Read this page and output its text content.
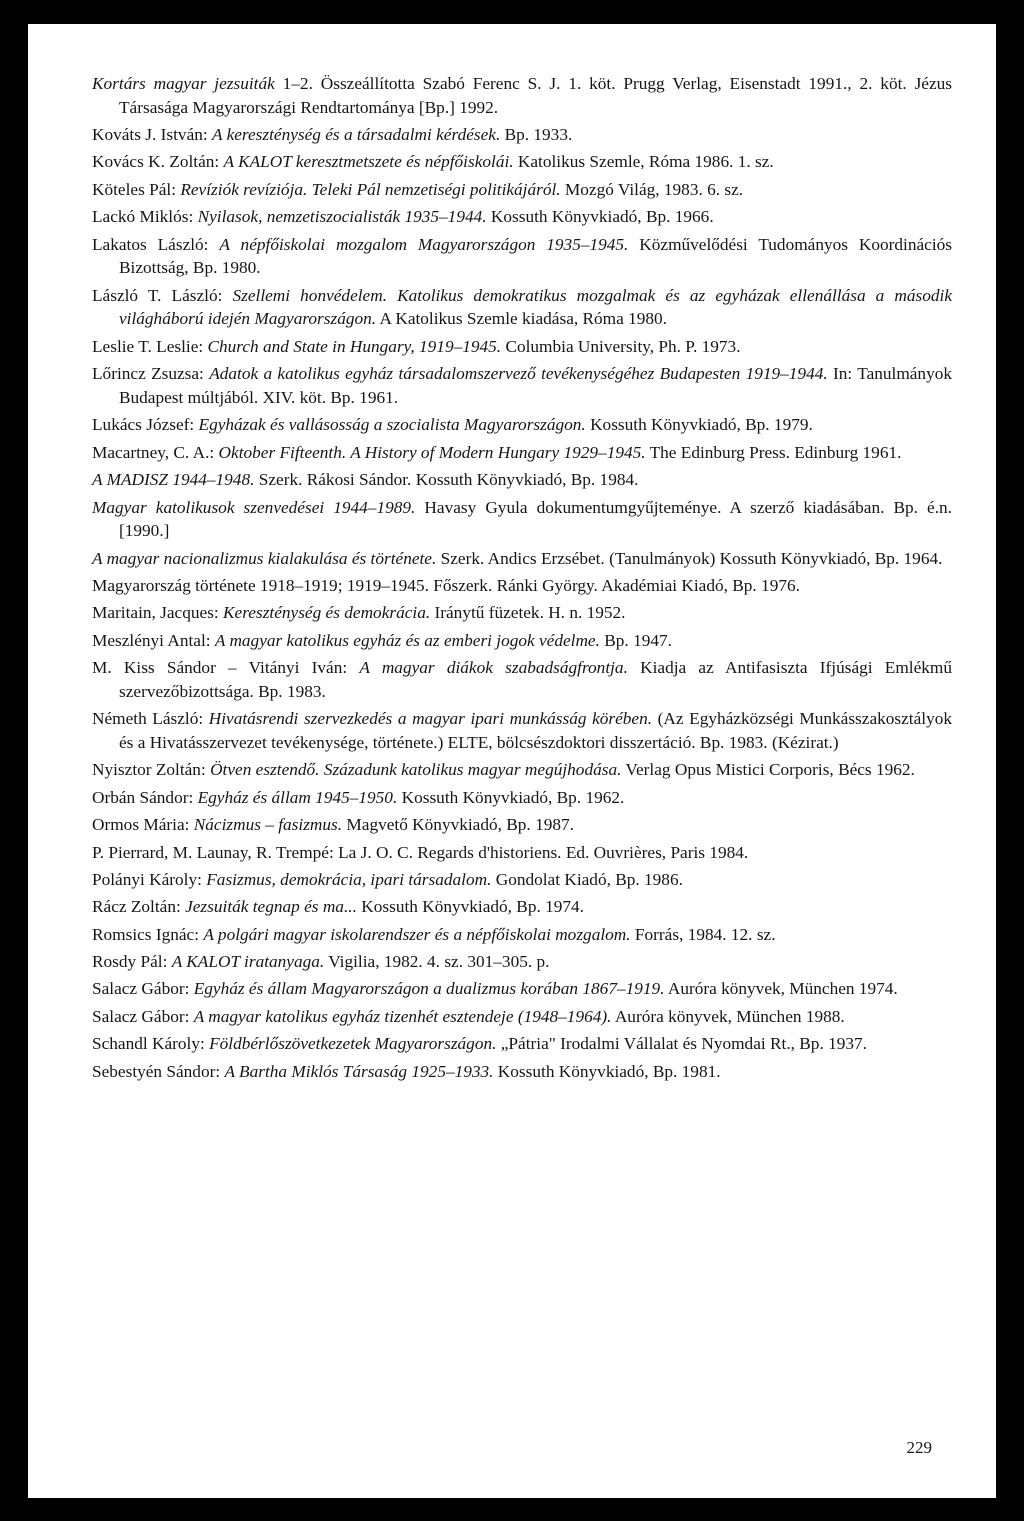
Kortárs magyar jezsuiták 1–2. Összeállította Szabó Ferenc S. J. 1. köt. Prugg Verlag, Eisenstadt 1991., 2. köt. Jézus Társasága Magyarországi Rendtartománya [Bp.] 1992.

Kováts J. István: A kereszténység és a társadalmi kérdések. Bp. 1933.

Kovács K. Zoltán: A KALOT keresztmetszete és népfőiskolái. Katolikus Szemle, Róma 1986. 1. sz.

Köteles Pál: Revíziók revíziója. Teleki Pál nemzetiségi politikájáról. Mozgó Világ, 1983. 6. sz.

Lackó Miklós: Nyilasok, nemzetiszocialisták 1935–1944. Kossuth Könyvkiadó, Bp. 1966.

Lakatos László: A népfőiskolai mozgalom Magyarországon 1935–1945. Közművelődési Tudományos Koordinációs Bizottság, Bp. 1980.

László T. László: Szellemi honvédelem. Katolikus demokratikus mozgalmak és az egyházak ellenállása a második világháború idején Magyarországon. A Katolikus Szemle kiadása, Róma 1980.

Leslie T. Leslie: Church and State in Hungary, 1919–1945. Columbia University, Ph. P. 1973.

Lőrincz Zsuzsa: Adatok a katolikus egyház társadalomszervező tevékenységéhez Budapesten 1919–1944. In: Tanulmányok Budapest múltjából. XIV. köt. Bp. 1961.

Lukács József: Egyházak és vallásosság a szocialista Magyarországon. Kossuth Könyvkiadó, Bp. 1979.

Macartney, C. A.: Oktober Fifteenth. A History of Modern Hungary 1929–1945. The Edinburg Press. Edinburg 1961.

A MADISZ 1944–1948. Szerk. Rákosi Sándor. Kossuth Könyvkiadó, Bp. 1984.

Magyar katolikusok szenvedései 1944–1989. Havasy Gyula dokumentumgyűjteménye. A szerző kiadásában. Bp. é.n. [1990.]

A magyar nacionalizmus kialakulása és története. Szerk. Andics Erzsébet. (Tanulmányok) Kossuth Könyvkiadó, Bp. 1964.

Magyarország története 1918–1919; 1919–1945. Főszerk. Ránki György. Akadémiai Kiadó, Bp. 1976.

Maritain, Jacques: Kereszténység és demokrácia. Iránytű füzetek. H. n. 1952.

Meszlényi Antal: A magyar katolikus egyház és az emberi jogok védelme. Bp. 1947.

M. Kiss Sándor – Vitányi Iván: A magyar diákok szabadságfrontja. Kiadja az Antifasiszta Ifjúsági Emlékmű szervezőbizottsága. Bp. 1983.

Németh László: Hivatásrendi szervezkedés a magyar ipari munkásság körében. (Az Egyházközségi Munkásszakosztályok és a Hivatásszervezet tevékenysége, története.) ELTE, bölcsészdoktori disszertáció. Bp. 1983. (Kézirat.)

Nyisztor Zoltán: Ötven esztendő. Századunk katolikus magyar megújhodása. Verlag Opus Mistici Corporis, Bécs 1962.

Orbán Sándor: Egyház és állam 1945–1950. Kossuth Könyvkiadó, Bp. 1962.

Ormos Mária: Nácizmus – fasizmus. Magvető Könyvkiadó, Bp. 1987.

P. Pierrard, M. Launay, R. Trempé: La J. O. C. Regards d'historiens. Ed. Ouvrières, Paris 1984.

Polányi Károly: Fasizmus, demokrácia, ipari társadalom. Gondolat Kiadó, Bp. 1986.

Rácz Zoltán: Jezsuiták tegnap és ma... Kossuth Könyvkiadó, Bp. 1974.

Romsics Ignác: A polgári magyar iskolarendszer és a népfőiskolai mozgalom. Forrás, 1984. 12. sz.

Rosdy Pál: A KALOT iratanyaga. Vigilia, 1982. 4. sz. 301–305. p.

Salacz Gábor: Egyház és állam Magyarországon a dualizmus korában 1867–1919. Auróra könyvek, München 1974.

Salacz Gábor: A magyar katolikus egyház tizenhét esztendeje (1948–1964). Auróra könyvek, München 1988.

Schandl Károly: Földbérlőszövetkezetek Magyarországon. „Pátria" Irodalmi Vállalat és Nyomdai Rt., Bp. 1937.

Sebestyén Sándor: A Bartha Miklós Társaság 1925–1933. Kossuth Könyvkiadó, Bp. 1981.

229
